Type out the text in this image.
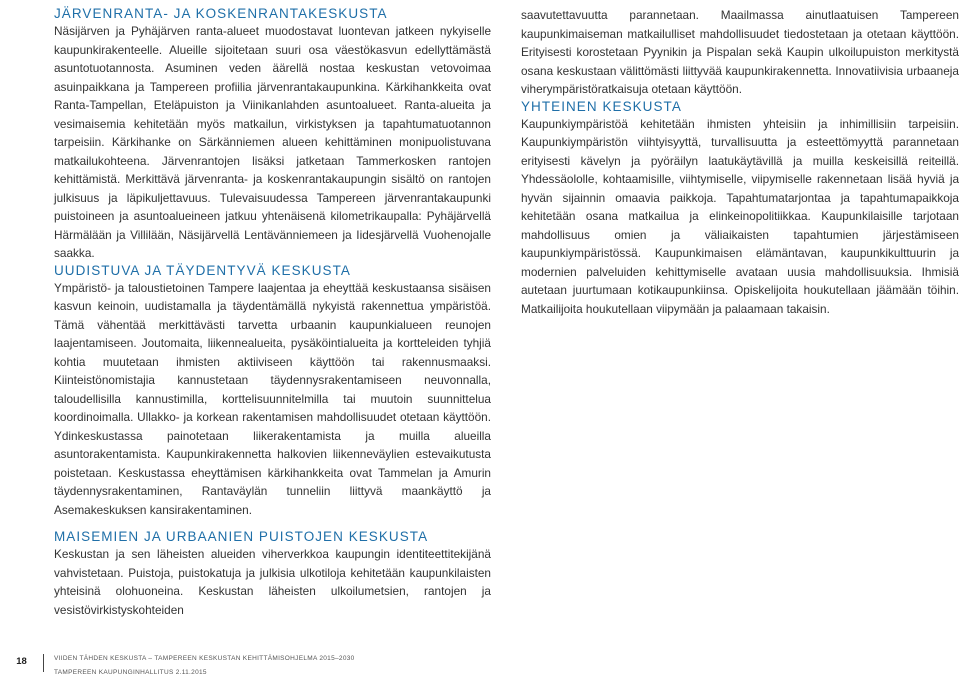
JÄRVENRANTA- JA KOSKENRANTAKESKUSTA

Näsijärven ja Pyhäjärven ranta-alueet muodostavat luontevan jatkeen nykyiselle kaupunkirakenteelle. Alueille sijoitetaan suuri osa väestökasvun edellyttämästä asuntotuotannosta. Asuminen veden äärellä nostaa keskustan vetovoimaa asuinpaikkana ja Tampereen profiilia järvenrantakaupunkina. Kärkihankkeita ovat Ranta-Tampellan, Eteläpuiston ja Viinikanlahden asuntoalueet. Ranta-alueita ja vesimaisemia kehitetään myös matkailun, virkistyksen ja tapahtumatuotannon tarpeisiin. Kärkihanke on Särkänniemen alueen kehittäminen monipuolistuvana matkailukohteena. Järvenrantojen lisäksi jatketaan Tammerkosken rantojen kehittämistä. Merkittävä järvenranta- ja koskenrantakaupungin sisältö on rantojen julkisuus ja läpikuljettavuus. Tulevaisuudessa Tampereen järvenrantakaupunki puistoineen ja asuntoalueineen jatkuu yhtenäisenä kilometrikaupalla: Pyhäjärvellä Härmälään ja Villilään, Näsijärvellä Lentävänniemeen ja Iidesjärvellä Vuohenojalle saakka.

UUDISTUVA JA TÄYDENTYVÄ KESKUSTA

Ympäristö- ja taloustietoinen Tampere laajentaa ja eheyttää keskustaansa sisäisen kasvun keinoin, uudistamalla ja täydentämällä nykyistä rakennettua ympäristöä. Tämä vähentää merkittävästi tarvetta urbaanin kaupunkialueen reunojen laajentamiseen. Joutomaita, liikennealueita, pysäköintialueita ja kortteleiden tyhjiä kohtia muutetaan ihmisten aktiiviseen käyttöön tai rakennusmaaksi. Kiinteistönomistajia kannustetaan täydennysrakentamiseen neuvonnalla, taloudellisilla kannustimilla, korttelisuunnitelmilla tai muutoin suunnittelua koordinoimalla. Ullakko- ja korkean rakentamisen mahdollisuudet otetaan käyttöön. Ydinkeskustassa painotetaan liikerakentamista ja muilla alueilla asuntorakentamista. Kaupunkirakennetta halkovien liikenneväylien estevaikutusta poistetaan. Keskustassa eheyttämisen kärkihankkeita ovat Tammelan ja Amurin täydennysrakentaminen, Rantaväylän tunneliin liittyvä maankäyttö ja Asemakeskuksen kansirakentaminen.

MAISEMIEN JA URBAANIEN PUISTOJEN KESKUSTA

Keskustan ja sen läheisten alueiden viherverkkoa kaupungin identiteettitekijänä vahvistetaan. Puistoja, puistokatuja ja julkisia ulkotiloja kehitetään kaupunkilaisten yhteisinä olohuoneina. Keskustan läheisten ulkoilumetsien, rantojen ja vesistövirkistyskohteiden

saavutettavuutta parannetaan. Maailmassa ainutlaatuisen Tampereen kaupunkimaiseman matkailulliset mahdollisuudet tiedostetaan ja otetaan käyttöön. Erityisesti korostetaan Pyynikin ja Pispalan sekä Kaupin ulkoilupuiston merkitystä osana keskustaan välittömästi liittyvää kaupunkirakennetta. Innovatiivisia urbaaneja viherympäristöratkaisuja otetaan käyttöön.

YHTEINEN KESKUSTA

Kaupunkiympäristöä kehitetään ihmisten yhteisiin ja inhimillisiin tarpeisiin. Kaupunkiympäristön viihtyisyyttä, turvallisuutta ja esteettömyyttä parannetaan erityisesti kävelyn ja pyöräilyn laatukäytävillä ja muilla keskeisillä reiteillä. Yhdessäololle, kohtaamisille, viihtymiselle, viipymiselle rakennetaan lisää hyviä ja hyvän sijainnin omaavia paikkoja. Tapahtumatarjontaa ja tapahtumapaikkoja kehitetään osana matkailua ja elinkeinopolitiikkaa. Kaupunkilaisille tarjotaan mahdollisuus omien ja väliaikaisten tapahtumien järjestämiseen kaupunkiympäristössä. Kaupunkimaisen elämäntavan, kaupunkikulttuurin ja modernien palveluiden kehittymiselle avataan uusia mahdollisuuksia. Ihmisiä autetaan juurtumaan kotikaupunkiinsa. Opiskelijoita houkutellaan jäämään töihin. Matkailijoita houkutellaan viipymään ja palaamaan takaisin.

18	VIIDEN TÄHDEN KESKUSTA – TAMPEREEN KESKUSTAN KEHITTÄMISOHJELMA 2015–2030
TAMPEREEN KAUPUNGINHALLITUS 2.11.2015
